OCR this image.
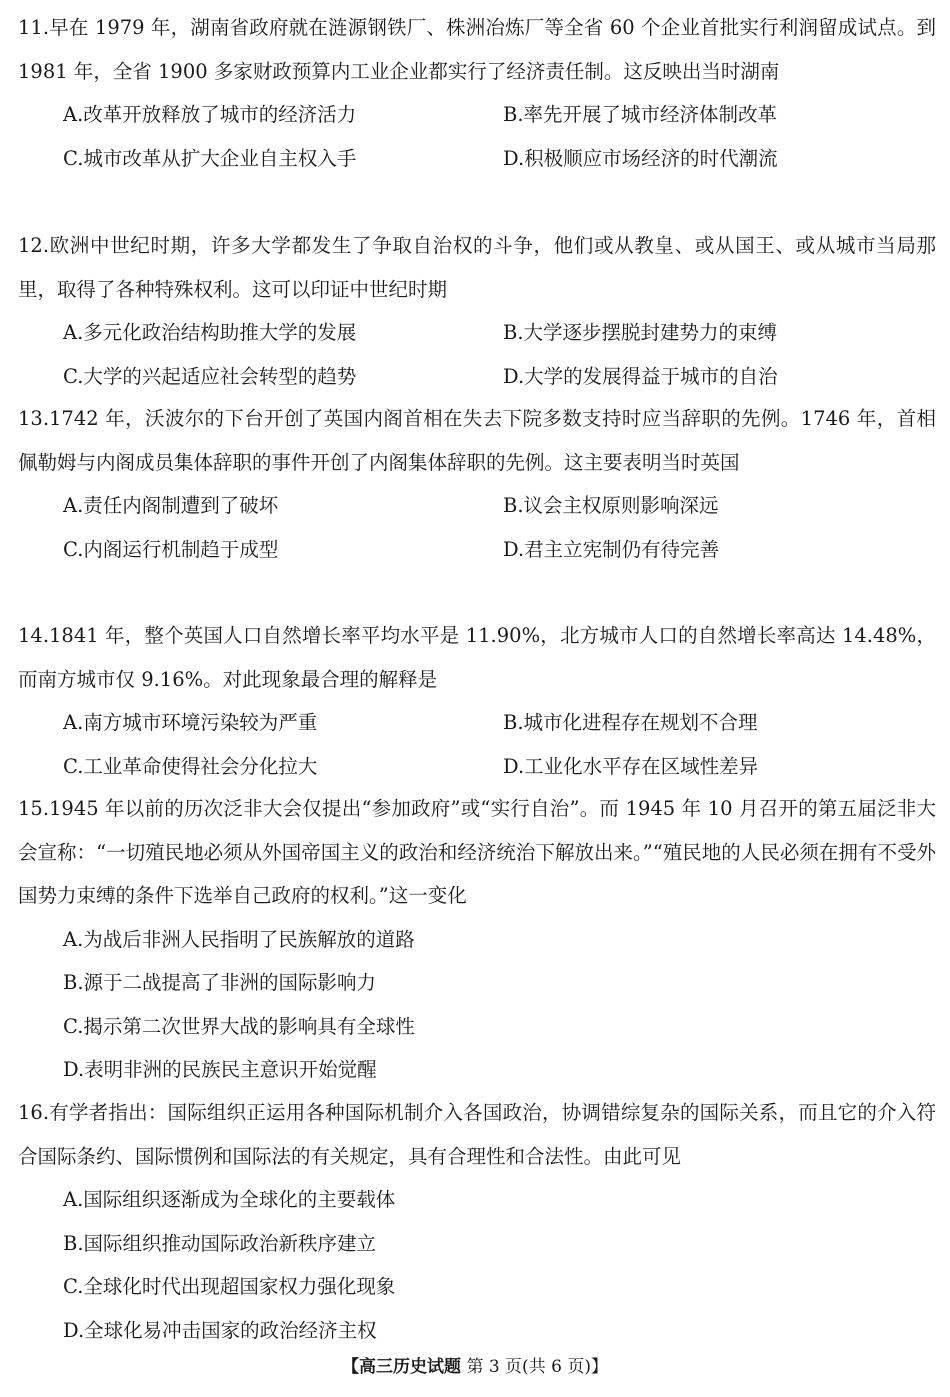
11.早在 1979 年，湖南省政府就在涟源钢铁厂、株洲冶炼厂等全省 60 个企业首批实行利润留成试点。到 1981 年，全省 1900 多家财政预算内工业企业都实行了经济责任制。这反映出当时湖南

A.改革开放释放了城市的经济活力	B.率先开展了城市经济体制改革
C.城市改革从扩大企业自主权入手	D.积极顺应市场经济的时代潮流

12.欧洲中世纪时期，许多大学都发生了争取自治权的斗争，他们或从教皇、或从国王、或从城市当局那里，取得了各种特殊权利。这可以印证中世纪时期

A.多元化政治结构助推大学的发展	B.大学逐步摆脱封建势力的束缚
C.大学的兴起适应社会转型的趋势	D.大学的发展得益于城市的自治

13.1742 年，沃波尔的下台开创了英国内阁首相在失去下院多数支持时应当辞职的先例。1746 年，首相佩勒姆与内阁成员集体辞职的事件开创了内阁集体辞职的先例。这主要表明当时英国

A.责任内阁制遭到了破坏	B.议会主权原则影响深远
C.内阁运行机制趋于成型	D.君主立宪制仍有待完善

14.1841 年，整个英国人口自然增长率平均水平是 11.90%，北方城市人口的自然增长率高达 14.48%，而南方城市仅 9.16%。对此现象最合理的解释是

A.南方城市环境污染较为严重	B.城市化进程存在规划不合理
C.工业革命使得社会分化拉大	D.工业化水平存在区域性差异

15.1945 年以前的历次泛非大会仅提出“参加政府”或“实行自治”。而 1945 年 10 月召开的第五届泛非大会宣称：“一切殖民地必须从外国帝国主义的政治和经济统治下解放出来。”“殖民地的人民必须在拥有不受外国势力束缚的条件下选举自己政府的权利。”这一变化

A.为战后非洲人民指明了民族解放的道路
B.源于二战提高了非洲的国际影响力
C.揭示第二次世界大战的影响具有全球性
D.表明非洲的民族民主意识开始觉醒

16.有学者指出：国际组织正运用各种国际机制介入各国政治，协调错综复杂的国际关系，而且它的介入符合国际条约、国际惯例和国际法的有关规定，具有合理性和合法性。由此可见

A.国际组织逐渐成为全球化的主要载体
B.国际组织推动国际政治新秩序建立
C.全球化时代出现超国家权力强化现象
D.全球化易冲击国家的政治经济主权
【高三历史试题 第 3 页(共 6 页)】
